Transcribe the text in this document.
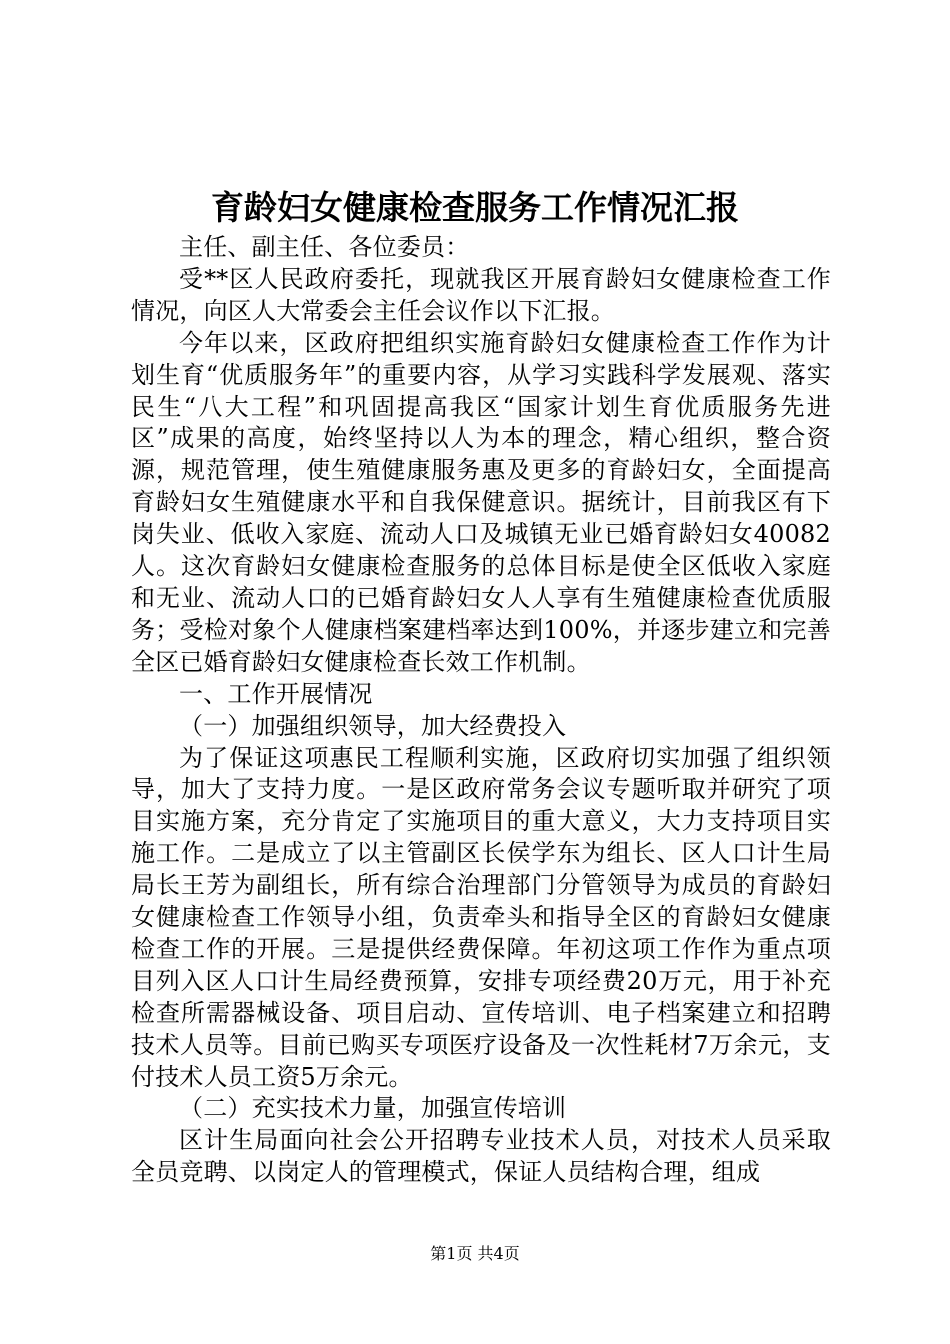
育龄妇女健康检查服务工作情况汇报

主任、副主任、各位委员：

受**区人民政府委托，现就我区开展育龄妇女健康检查工作情况，向区人大常委会主任会议作以下汇报。

今年以来，区政府把组织实施育龄妇女健康检查工作作为计划生育“优质服务年”的重要内容，从学习实践科学发展观、落实民生“八大工程”和巩固提高我区“国家计划生育优质服务先进区”成果的高度，始终坚持以人为本的理念，精心组织，整合资源，规范管理，使生殖健康服务惠及更多的育龄妇女，全面提高育龄妇女生殖健康水平和自我保健意识。据统计，目前我区有下岗失业、低收入家庭、流动人口及城镇无业已婚育龄妇女40082人。这次育龄妇女健康检查服务的总体目标是使全区低收入家庭和无业、流动人口的已婚育龄妇女人人享有生殖健康检查优质服务；受检对象个人健康档案建档率达到100%，并逐步建立和完善全区已婚育龄妇女健康检查长效工作机制。

一、工作开展情况

（一）加强组织领导，加大经费投入

为了保证这项惠民工程顺利实施，区政府切实加强了组织领导，加大了支持力度。一是区政府常务会议专题听取并研究了项目实施方案，充分肯定了实施项目的重大意义，大力支持项目实施工作。二是成立了以主管副区长侯学东为组长、区人口计生局局长王芳为副组长，所有综合治理部门分管领导为成员的育龄妇女健康检查工作领导小组，负责牵头和指导全区的育龄妇女健康检查工作的开展。三是提供经费保障。年初这项工作作为重点项目列入区人口计生局经费预算，安排专项经费20万元，用于补充检查所需器械设备、项目启动、宣传培训、电子档案建立和招聘技术人员等。目前已购买专项医疗设备及一次性耗材7万余元，支付技术人员工资5万余元。

（二）充实技术力量，加强宣传培训

区计生局面向社会公开招聘专业技术人员，对技术人员采取全员竞聘、以岗定人的管理模式，保证人员结构合理，组成

第1页 共4页
